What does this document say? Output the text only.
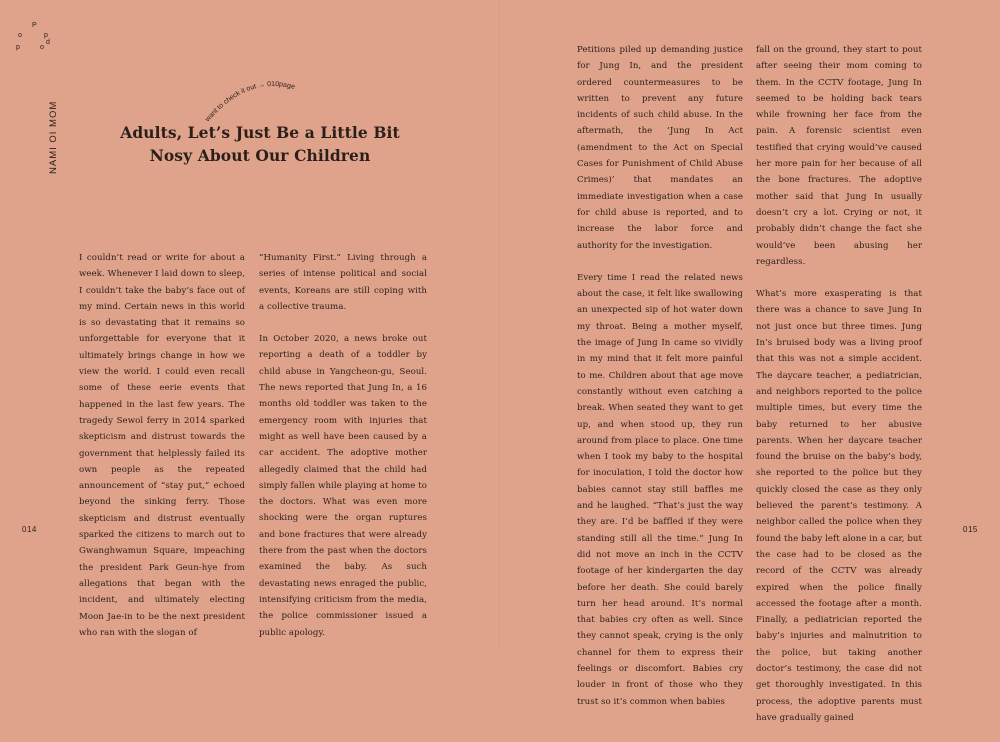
P
o	p
p	o
d
NAMI OI MOM	want to check it out → 010page
Adults, Let’s Just Be a Little Bit
Nosy About Our Children

I couldn’t read or write for about a week. Whenever I laid down to sleep, I couldn’t take the baby’s face out of my mind. Certain news in this world is so devastating that it remains so unforgettable for everyone that it ultimately brings change in how we view the world. I could even recall some of these eerie events that happened in the last few years. The tragedy Sewol ferry in 2014 sparked skepticism and distrust towards the government that helplessly failed its own people as the repeated announcement of “stay put,” echoed beyond the sinking ferry. Those skepticism and distrust eventually sparked the citizens to march out to Gwanghwamun Square, impeaching the president Park Geun-hye from allegations that began with the incident, and ultimately electing Moon Jae-in to be the next president who ran with the slogan of

“Humanity First.” Living through a series of intense political and social events, Koreans are still coping with a collective trauma.

In October 2020, a news broke out reporting a death of a toddler by child abuse in Yangcheon-gu, Seoul. The news reported that Jung In, a 16 months old toddler was taken to the emergency room with injuries that might as well have been caused by a car accident. The adoptive mother allegedly claimed that the child had simply fallen while playing at home to the doctors. What was even more shocking were the organ ruptures and bone fractures that were already there from the past when the doctors examined the baby. As such devastating news enraged the public, intensifying criticism from the media, the police commissioner issued a public apology.

Petitions piled up demanding justice for Jung In, and the president ordered countermeasures to be written to prevent any future incidents of such child abuse. In the aftermath, the ‘Jung In Act (amendment to the Act on Special Cases for Punishment of Child Abuse Crimes)’ that mandates an immediate investigation when a case for child abuse is reported, and to increase the labor force and authority for the investigation.

Every time I read the related news about the case, it felt like swallowing an unexpected sip of hot water down my throat. Being a mother myself, the image of Jung In came so vividly in my mind that it felt more painful to me. Children about that age move constantly without even catching a break. When seated they want to get up, and when stood up, they run around from place to place. One time when I took my baby to the hospital for inoculation, I told the doctor how babies cannot stay still baffles me and he laughed. “That’s just the way they are. I’d be baffled if they were standing still all the time.” Jung In did not move an inch in the CCTV footage of her kindergarten the day before her death. She could barely turn her head around. It’s normal that babies cry often as well. Since they cannot speak, crying is the only channel for them to express their feelings or discomfort. Babies cry louder in front of those who they trust so it’s common when babies

fall on the ground, they start to pout after seeing their mom coming to them. In the CCTV footage, Jung In seemed to be holding back tears while frowning her face from the pain. A forensic scientist even testified that crying would’ve caused her more pain for her because of all the bone fractures. The adoptive mother said that Jung In usually doesn’t cry a lot. Crying or not, it probably didn’t change the fact she would’ve been abusing her regardless.

What’s more exasperating is that there was a chance to save Jung In not just once but three times. Jung In’s bruised body was a living proof that this was not a simple accident. The daycare teacher, a pediatrician, and neighbors reported to the police multiple times, but every time the baby returned to her abusive parents. When her daycare teacher found the bruise on the baby’s body, she reported to the police but they quickly closed the case as they only believed the parent’s testimony. A neighbor called the police when they found the baby left alone in a car, but the case had to be closed as the record of the CCTV was already expired when the police finally accessed the footage after a month. Finally, a pediatrician reported the baby’s injuries and malnutrition to the police, but taking another doctor’s testimony, the case did not get thoroughly investigated. In this process, the adoptive parents must have gradually gained

014	015
